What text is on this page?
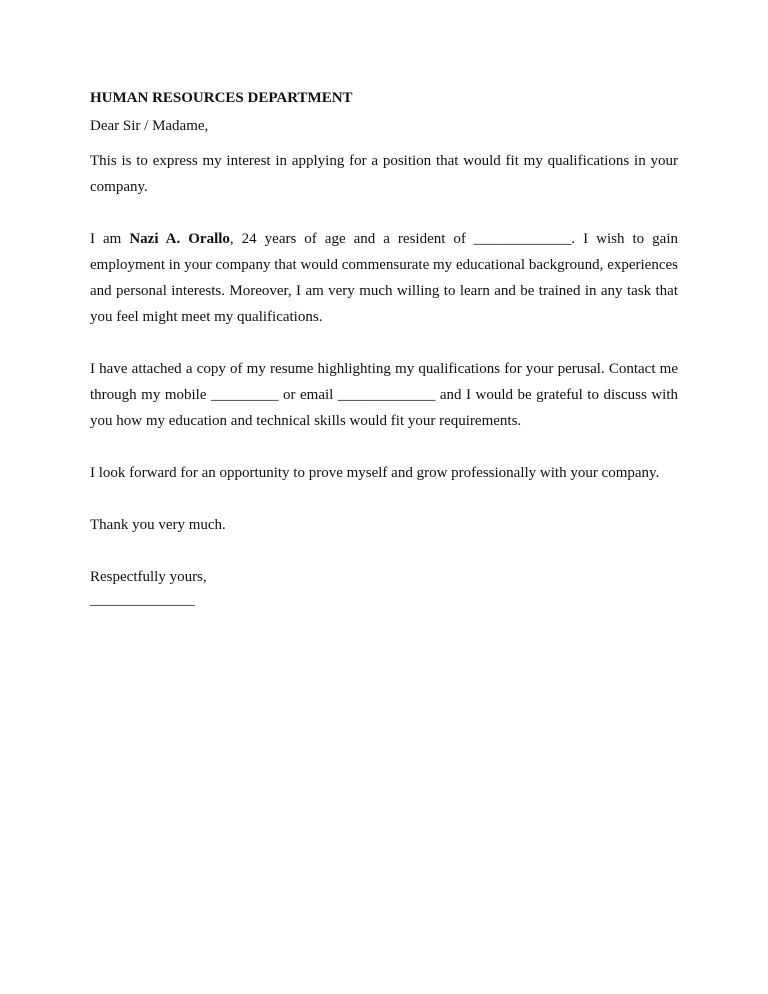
HUMAN RESOURCES DEPARTMENT
Dear Sir / Madame,
This is to express my interest in applying for a position that would fit my qualifications in your company.
I am Nazi A. Orallo, 24 years of age and a resident of _____________. I wish to gain employment in your company that would commensurate my educational background, experiences and personal interests. Moreover, I am very much willing to learn and be trained in any task that you feel might meet my qualifications.
I have attached a copy of my resume highlighting my qualifications for your perusal. Contact me through my mobile _________ or email _____________ and I would be grateful to discuss with you how my education and technical skills would fit your requirements.
I look forward for an opportunity to prove myself and grow professionally with your company.
Thank you very much.
Respectfully yours,
______________
